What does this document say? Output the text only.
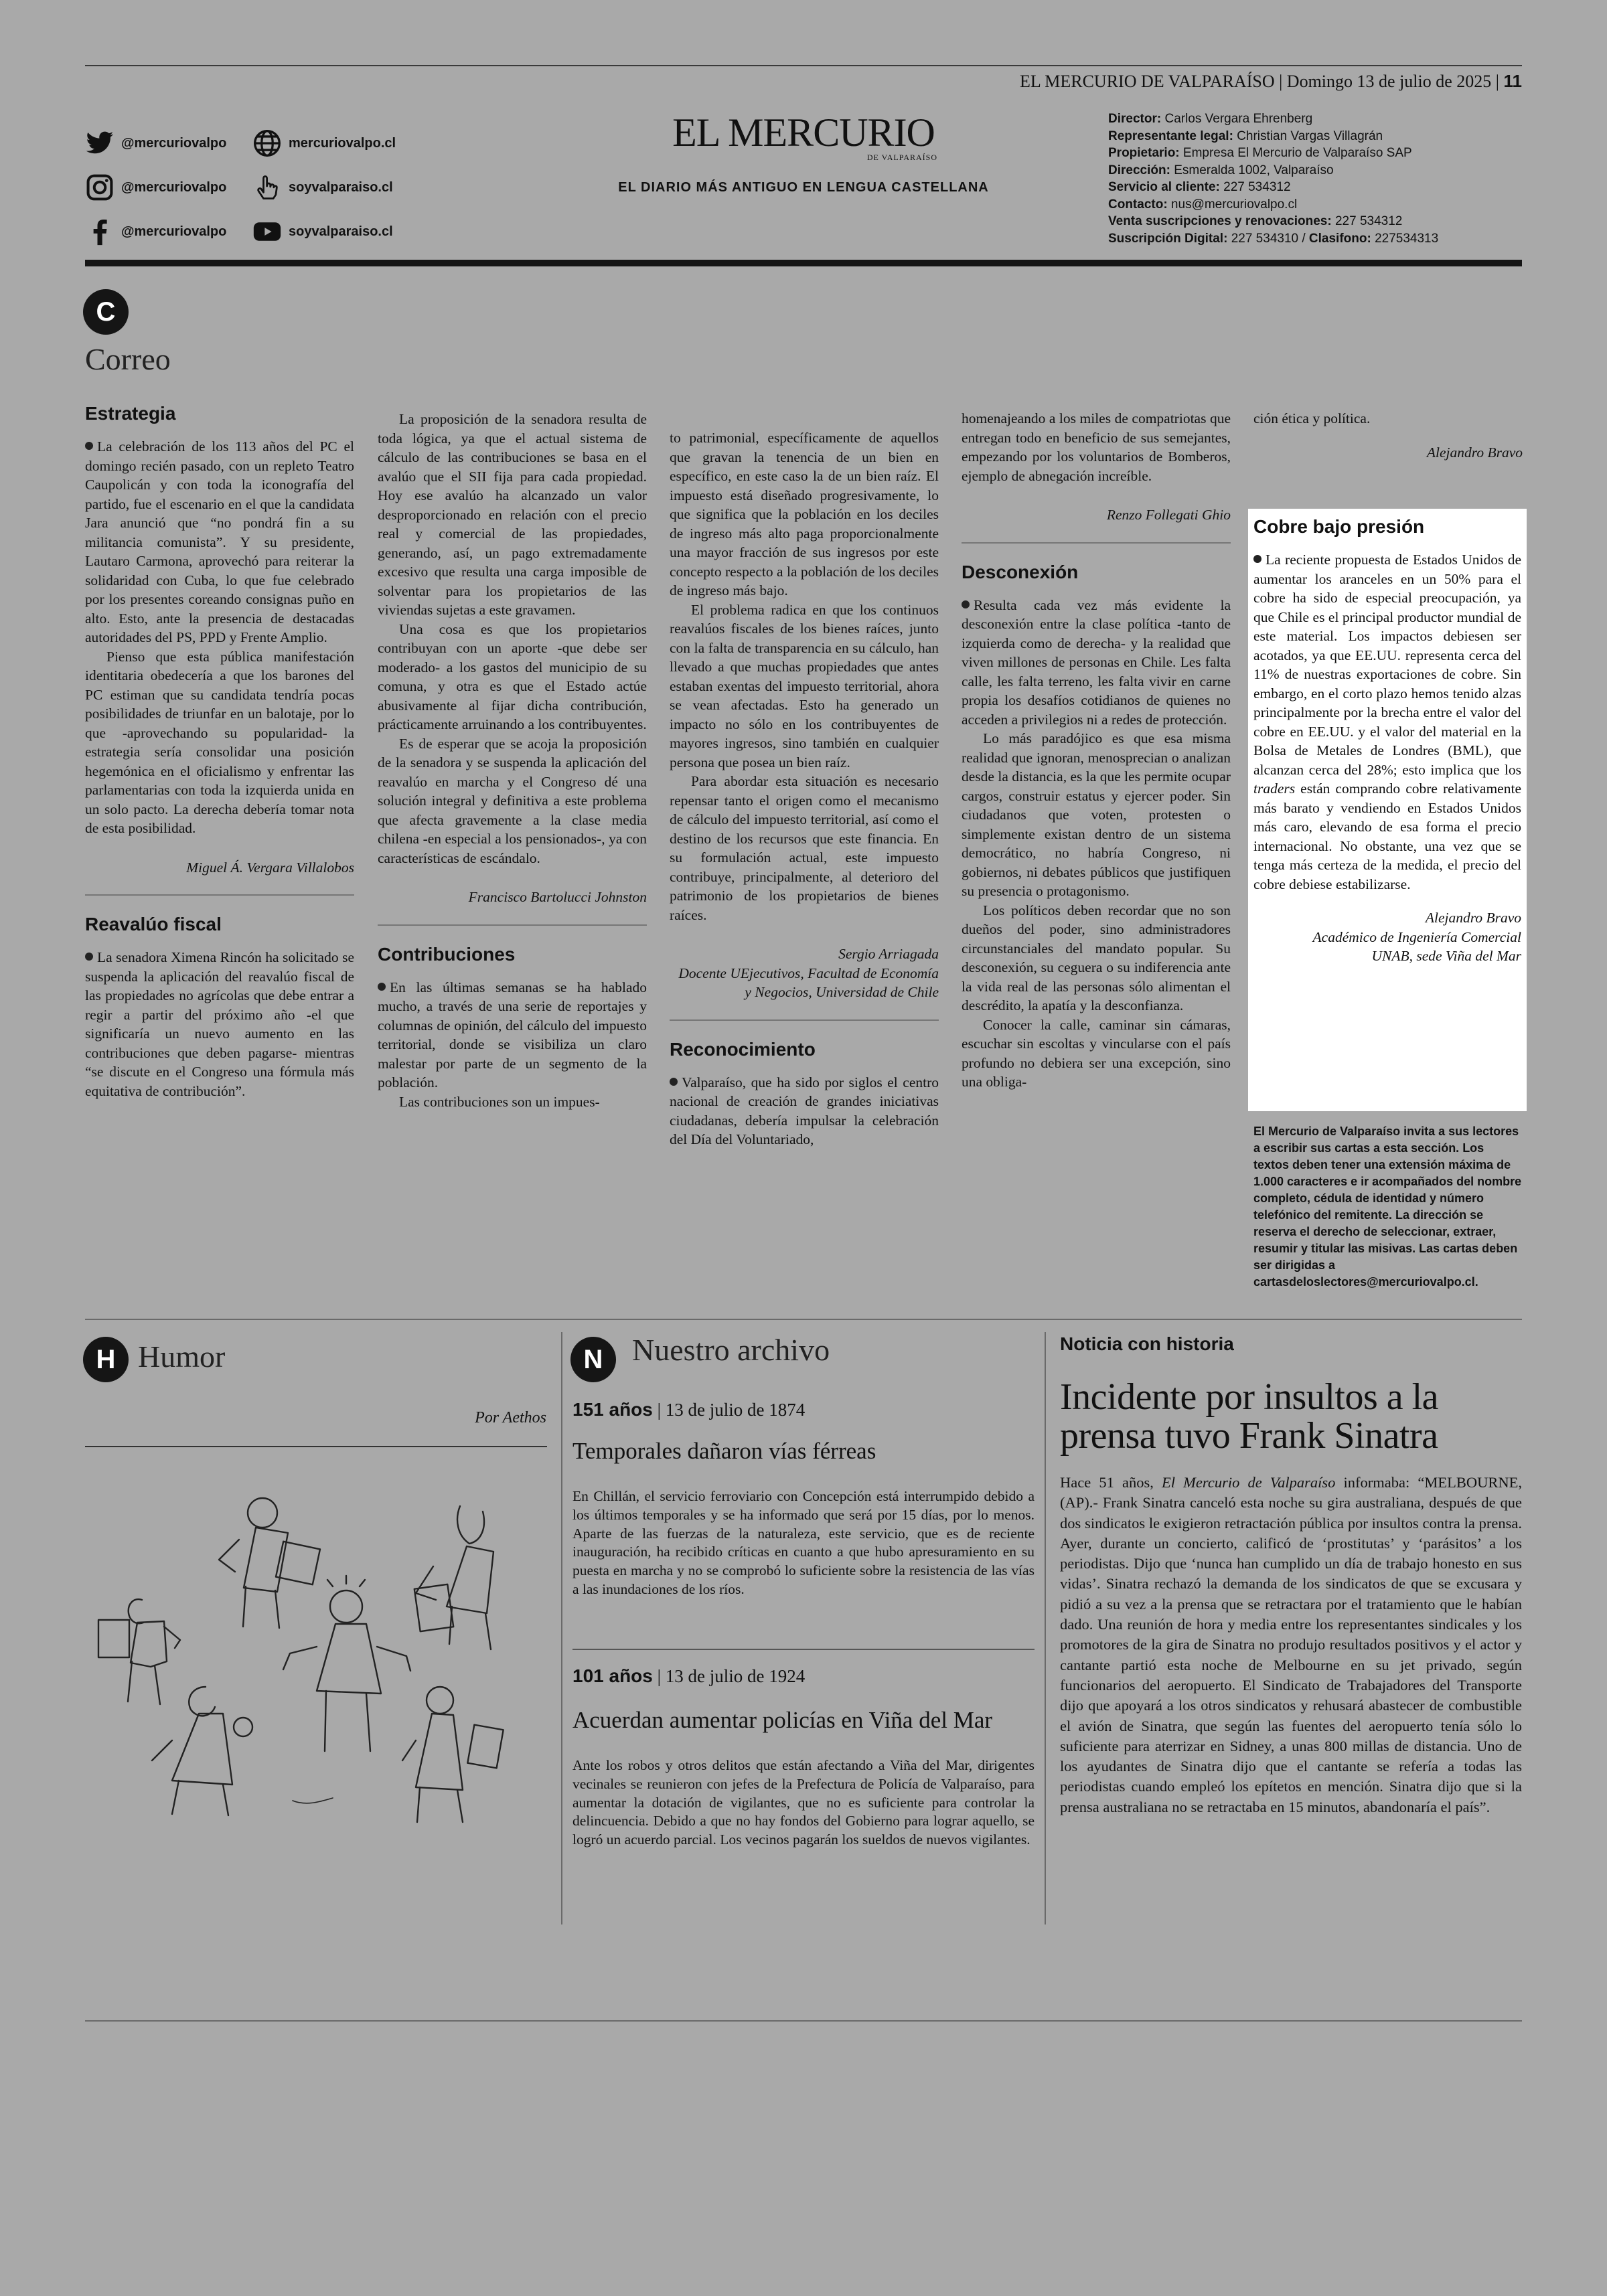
EL MERCURIO DE VALPARAÍSO | Domingo 13 de julio de 2025 | 11
@mercuriovalpo	mercuriovalpo.cl
@mercuriovalpo	soyvalparaiso.cl
@mercuriovalpo	soyvalparaiso.cl
EL MERCURIO
DE VALPARAÍSO
EL DIARIO MÁS ANTIGUO EN LENGUA CASTELLANA
Director: Carlos Vergara Ehrenberg
Representante legal: Christian Vargas Villagrán
Propietario: Empresa El Mercurio de Valparaíso SAP
Dirección: Esmeralda 1002, Valparaíso
Servicio al cliente: 227 534312
Contacto: nus@mercuriovalpo.cl
Venta suscripciones y renovaciones: 227 534312
Suscripción Digital: 227 534310 / Clasifono: 227534313
C
Correo
Estrategia

La celebración de los 113 años del PC el domingo recién pasado, con un repleto Teatro Caupolicán y con toda la iconografía del partido, fue el escenario en el que la candidata Jara anunció que “no pondrá fin a su militancia comunista”. Y su presidente, Lautaro Carmona, aprovechó para reiterar la solidaridad con Cuba, lo que fue celebrado por los presentes coreando consignas puño en alto. Esto, ante la presencia de destacadas autoridades del PS, PPD y Frente Amplio.

Pienso que esta pública manifestación identitaria obedecería a que los barones del PC estiman que su candidata tendría pocas posibilidades de triunfar en un balotaje, por lo que -aprovechando su popularidad- la estrategia sería consolidar una posición hegemónica en el oficialismo y enfrentar las parlamentarias con toda la izquierda unida en un solo pacto. La derecha debería tomar nota de esta posibilidad.

Miguel Á. Vergara Villalobos

Reavalúo fiscal

La senadora Ximena Rincón ha solicitado se suspenda la aplicación del reavalúo fiscal de las propiedades no agrícolas que debe entrar a regir a partir del próximo año -el que significaría un nuevo aumento en las contribuciones que deben pagarse- mientras “se discute en el Congreso una fórmula más equitativa de contribución”.

La proposición de la senadora resulta de toda lógica, ya que el actual sistema de cálculo de las contribuciones se basa en el avalúo que el SII fija para cada propiedad. Hoy ese avalúo ha alcanzado un valor desproporcionado en relación con el precio real y comercial de las propiedades, generando, así, un pago extremadamente excesivo que resulta una carga imposible de solventar para los propietarios de las viviendas sujetas a este gravamen.

Una cosa es que los propietarios contribuyan con un aporte -que debe ser moderado- a los gastos del municipio de su comuna, y otra es que el Estado actúe abusivamente al fijar dicha contribución, prácticamente arruinando a los contribuyentes.

Es de esperar que se acoja la proposición de la senadora y se suspenda la aplicación del reavalúo en marcha y el Congreso dé una solución integral y definitiva a este problema que afecta gravemente a la clase media chilena -en especial a los pensionados-, ya con características de escándalo.

Francisco Bartolucci Johnston

Contribuciones

En las últimas semanas se ha hablado mucho, a través de una serie de reportajes y columnas de opinión, del cálculo del impuesto territorial, donde se visibiliza un claro malestar por parte de un segmento de la población.

Las contribuciones son un impues-

to patrimonial, específicamente de aquellos que gravan la tenencia de un bien en específico, en este caso la de un bien raíz. El impuesto está diseñado progresivamente, lo que significa que la población en los deciles de ingreso más alto paga proporcionalmente una mayor fracción de sus ingresos por este concepto respecto a la población de los deciles de ingreso más bajo.

El problema radica en que los continuos reavalúos fiscales de los bienes raíces, junto con la falta de transparencia en su cálculo, han llevado a que muchas propiedades que antes estaban exentas del impuesto territorial, ahora se vean afectadas. Esto ha generado un impacto no sólo en los contribuyentes de mayores ingresos, sino también en cualquier persona que posea un bien raíz.

Para abordar esta situación es necesario repensar tanto el origen como el mecanismo de cálculo del impuesto territorial, así como el destino de los recursos que este financia. En su formulación actual, este impuesto contribuye, principalmente, al deterioro del patrimonio de los propietarios de bienes raíces.

Sergio Arriagada
Docente UEjecutivos, Facultad de Economía y Negocios, Universidad de Chile

Reconocimiento

Valparaíso, que ha sido por siglos el centro nacional de creación de grandes iniciativas ciudadanas, debería impulsar la celebración del Día del Voluntariado,

homenajeando a los miles de compatriotas que entregan todo en beneficio de sus semejantes, empezando por los voluntarios de Bomberos, ejemplo de abnegación increíble.

Renzo Follegati Ghio

Desconexión

Resulta cada vez más evidente la desconexión entre la clase política -tanto de izquierda como de derecha- y la realidad que viven millones de personas en Chile. Les falta calle, les falta terreno, les falta vivir en carne propia los desafíos cotidianos de quienes no acceden a privilegios ni a redes de protección.

Lo más paradójico es que esa misma realidad que ignoran, menosprecian o analizan desde la distancia, es la que les permite ocupar cargos, construir estatus y ejercer poder. Sin ciudadanos que voten, protesten o simplemente existan dentro de un sistema democrático, no habría Congreso, ni gobiernos, ni debates públicos que justifiquen su presencia o protagonismo.

Los políticos deben recordar que no son dueños del poder, sino administradores circunstanciales del mandato popular. Su desconexión, su ceguera o su indiferencia ante la vida real de las personas sólo alimentan el descrédito, la apatía y la desconfianza.

Conocer la calle, caminar sin cámaras, escuchar sin escoltas y vincularse con el país profundo no debiera ser una excepción, sino una obliga-

ción ética y política.

Alejandro Bravo

Cobre bajo presión

La reciente propuesta de Estados Unidos de aumentar los aranceles en un 50% para el cobre ha sido de especial preocupación, ya que Chile es el principal productor mundial de este material. Los impactos debiesen ser acotados, ya que EE.UU. representa cerca del 11% de nuestras exportaciones de cobre. Sin embargo, en el corto plazo hemos tenido alzas principalmente por la brecha entre el valor del cobre en EE.UU. y el valor del material en la Bolsa de Metales de Londres (BML), que alcanzan cerca del 28%; esto implica que los traders están comprando cobre relativamente más barato y vendiendo en Estados Unidos más caro, elevando de esa forma el precio internacional. No obstante, una vez que se tenga más certeza de la medida, el precio del cobre debiese estabilizarse.

Alejandro Bravo
Académico de Ingeniería Comercial
UNAB, sede Viña del Mar

El Mercurio de Valparaíso invita a sus lectores a escribir sus cartas a esta sección. Los textos deben tener una extensión máxima de 1.000 caracteres e ir acompañados del nombre completo, cédula de identidad y número telefónico del remitente. La dirección se reserva el derecho de seleccionar, extraer, resumir y titular las misivas. Las cartas deben ser dirigidas a cartasdeloslectores@mercuriovalpo.cl.
H Humor
Por Aethos
N Nuestro archivo
151 años | 13 de julio de 1874
Temporales dañaron vías férreas
En Chillán, el servicio ferroviario con Concepción está interrumpido debido a los últimos temporales y se ha informado que será por 15 días, por lo menos. Aparte de las fuerzas de la naturaleza, este servicio, que es de reciente inauguración, ha recibido críticas en cuanto a que hubo apresuramiento en su puesta en marcha y no se comprobó lo suficiente sobre la resistencia de las vías a las inundaciones de los ríos.
101 años | 13 de julio de 1924
Acuerdan aumentar policías en Viña del Mar
Ante los robos y otros delitos que están afectando a Viña del Mar, dirigentes vecinales se reunieron con jefes de la Prefectura de Policía de Valparaíso, para aumentar la dotación de vigilantes, que no es suficiente para controlar la delincuencia. Debido a que no hay fondos del Gobierno para lograr aquello, se logró un acuerdo parcial. Los vecinos pagarán los sueldos de nuevos vigilantes.
Noticia con historia
Incidente por insultos a la prensa tuvo Frank Sinatra
Hace 51 años, El Mercurio de Valparaíso informaba: “MELBOURNE, (AP).- Frank Sinatra canceló esta noche su gira australiana, después de que dos sindicatos le exigieron retractación pública por insultos contra la prensa. Ayer, durante un concierto, calificó de ‘prostitutas’ y ‘parásitos’ a los periodistas. Dijo que ‘nunca han cumplido un día de trabajo honesto en sus vidas’. Sinatra rechazó la demanda de los sindicatos de que se excusara y pidió a su vez a la prensa que se retractara por el tratamiento que le habían dado. Una reunión de hora y media entre los representantes sindicales y los promotores de la gira de Sinatra no produjo resultados positivos y el actor y cantante partió esta noche de Melbourne en su jet privado, según funcionarios del aeropuerto. El Sindicato de Trabajadores del Transporte dijo que apoyará a los otros sindicatos y rehusará abastecer de combustible el avión de Sinatra, que según las fuentes del aeropuerto tenía sólo lo suficiente para aterrizar en Sidney, a unas 800 millas de distancia. Uno de los ayudantes de Sinatra dijo que el cantante se refería a todas las periodistas cuando empleó los epítetos en mención. Sinatra dijo que si la prensa australiana no se retractaba en 15 minutos, abandonaría el país”.
